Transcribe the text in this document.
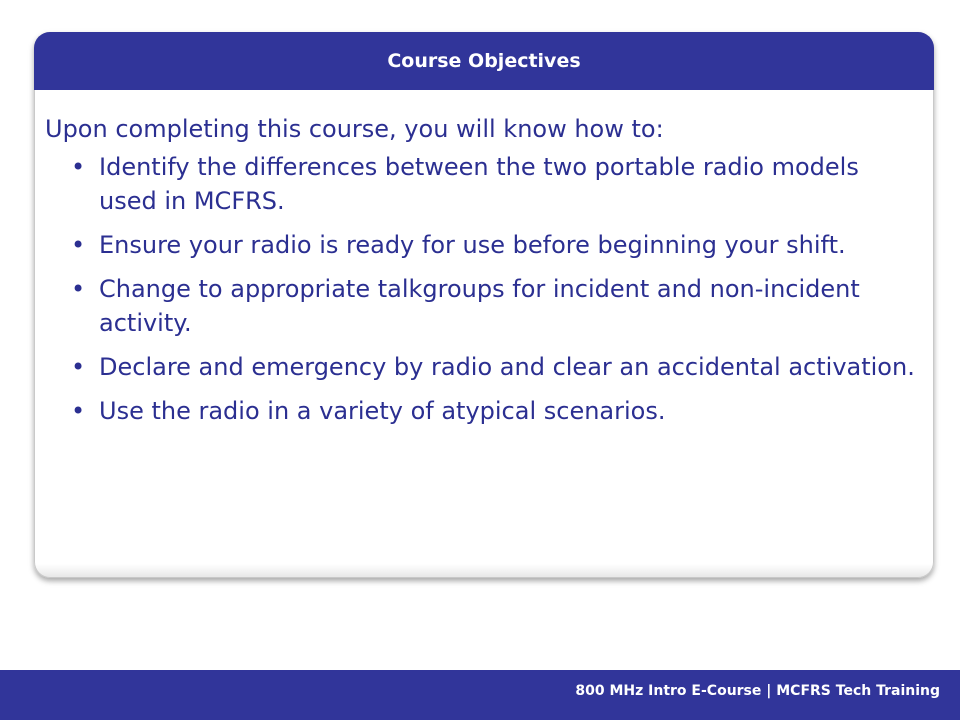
Course Objectives

Upon completing this course, you will know how to:

• Identify the differences between the two portable radio models used in MCFRS.
• Ensure your radio is ready for use before beginning your shift.
• Change to appropriate talkgroups for incident and non-incident activity.
• Declare and emergency by radio and clear an accidental activation.
• Use the radio in a variety of atypical scenarios.
800 MHz Intro E-Course | MCFRS Tech Training
